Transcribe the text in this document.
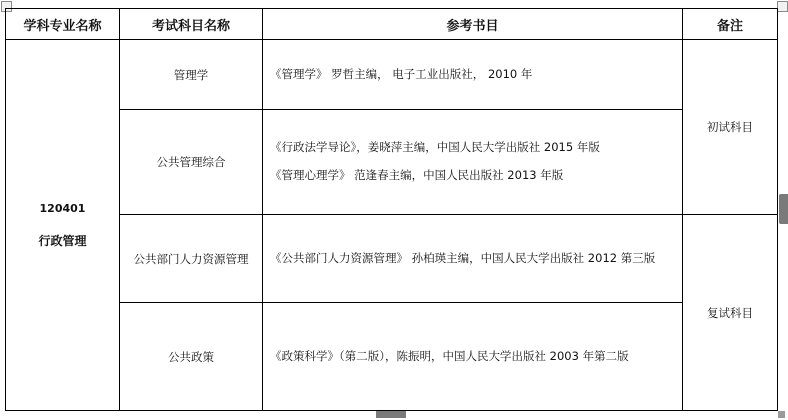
学科专业名称	考试科目名称	参考书目	备注

120401
行政管理	管理学	《管理学》 罗哲主编， 电子工业出版社， 2010 年	初试科目
	公共管理综合	《行政法学导论》，姜晓萍主编，中国人民大学出版社 2015 年版
《管理心理学》 范逢春主编，中国人民出版社 2013 年版	

	公共部门人力资源管理	《公共部门人力资源管理》 孙柏瑛主编，中国人民大学出版社 2012 第三版	复试科目
	公共政策	《政策科学》（第二版），陈振明，中国人民大学出版社 2003 年第二版	
